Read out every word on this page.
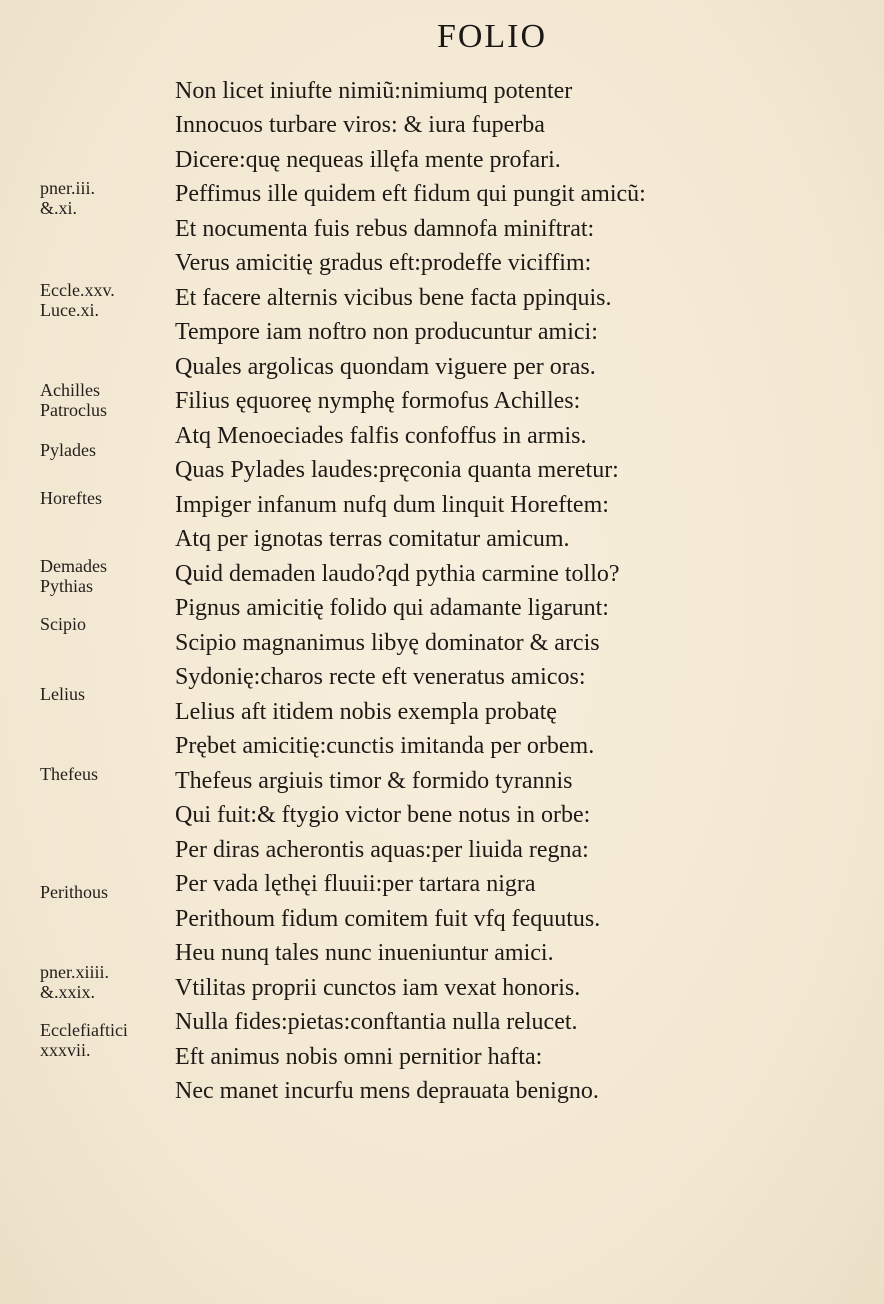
FOLIO
Non licet iniufte nimiũ:nimiumq potenter
Innocuos turbare viros: & iura fuperba
Dicere:quę nequeas illęfa mente profari.
Peffimus ille quidem eft fidum qui pungit amicũ:
Et nocumenta fuis rebus damnofa miniftrat:
Verus amicitię gradus eft:prodeffe viciffim:
Et facere alternis vicibus bene facta ppinquis.
Tempore iam noftro non producuntur amici:
Quales argolicas quondam viguere per oras.
Filius ęquoreę nymphę formofus Achilles:
Atq Menoeciades falfis confoffus in armis.
Quas Pylades laudes:pręconia quanta meretur:
Impiger infanum nufq dum linquit Horeftem:
Atq per ignotas terras comitatur amicum.
Quid demaden laudo?qd pythia carmine tollo?
Pignus amicitię folido qui adamante ligarunt:
Scipio magnanimus libyę dominator & arcis
Sydonię:charos recte eft veneratus amicos:
Lelius aft itidem nobis exempla probatę
Prębet amicitię:cunctis imitanda per orbem.
Thefeus argiuis timor & formido tyrannis
Qui fuit:& ftygio victor bene notus in orbe:
Per diras acherontis aquas:per liuida regna:
Per vada lęthęi fluuii:per tartara nigra
Perithoum fidum comitem fuit vfq fequutus.
Heu nunq tales nunc inueniuntur amici.
Vtilitas proprii cunctos iam vexat honoris.
Nulla fides:pietas:conftantia nulla relucet.
Eft animus nobis omni pernitior hafta:
Nec manet incurfu mens deprauata benigno.
pner.iii.
&.xi.
Eccle.xxv.
Luce.xi.
Achilles
Patroclus
Pylades
Horeftes
Demades
Pythias
Scipio
Lelius
Thefeus
Perithous
pner.xiiii.
&.xxix.
Ecclefiaftici
xxxvii.
